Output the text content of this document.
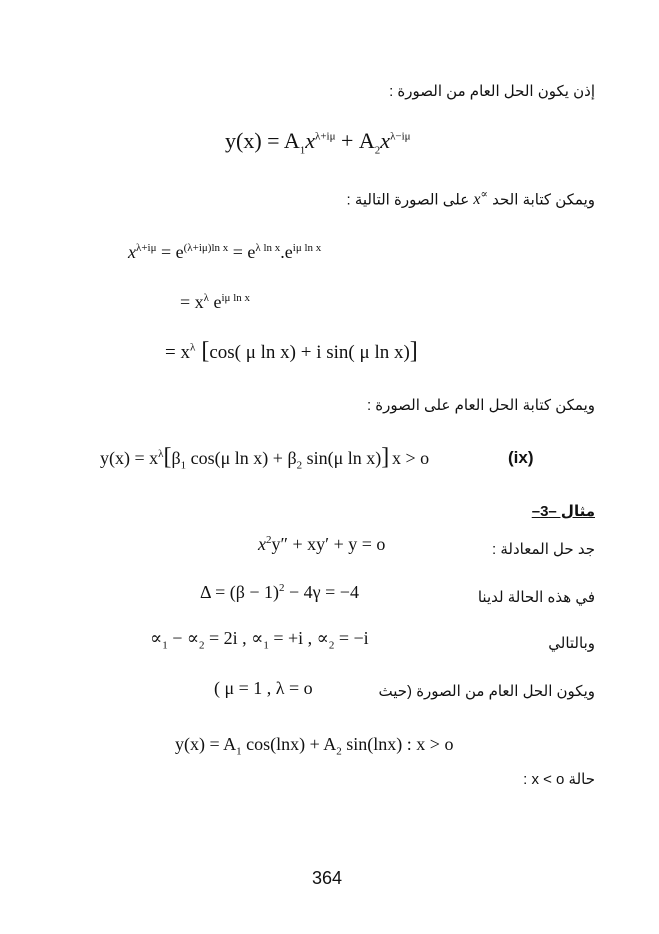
إذن يكون الحل العام من الصورة :
$y(x) = A_1x^{\lambda+i\mu} + A_2x^{\lambda-i\mu}$
ويمكن كتابة الحد x∝ على الصورة التالية :
$x^{\lambda+i\mu} = e^{(\lambda+i\mu)ln x} = e^{\lambda ln x}.e^{i\mu ln x}$
= $x^\lambda$ $e^{i\mu ln x}$
= $x^\lambda$ [cos( μ ln x) + i sin( μ ln x)]
ويمكن كتابة الحل العام على الصورة :
$y(x) = x^\lambda[\beta_1$ cos(μ $\ln x) + \beta_2$ sin(μ ln x)] x > o	(ix)
مثال –3–
جد حل المعادلة :
$x^2y'' + xy' + y = o$
في هذه الحالة لدينا
$\Delta = (\beta - 1)^2 - 4\gamma = -4$
وبالتالي
$\propto_1 - \propto_2 = 2i$ , $\propto_1 = +i$ , $\propto_2 = -i$
ويكون الحل العام من الصورة (حيث
( μ = 1 , λ = o
$y(x) = A_1$ $\cos(\ln x) + A_2$ sin(lnx) : x > o
حالة x < o :
364
